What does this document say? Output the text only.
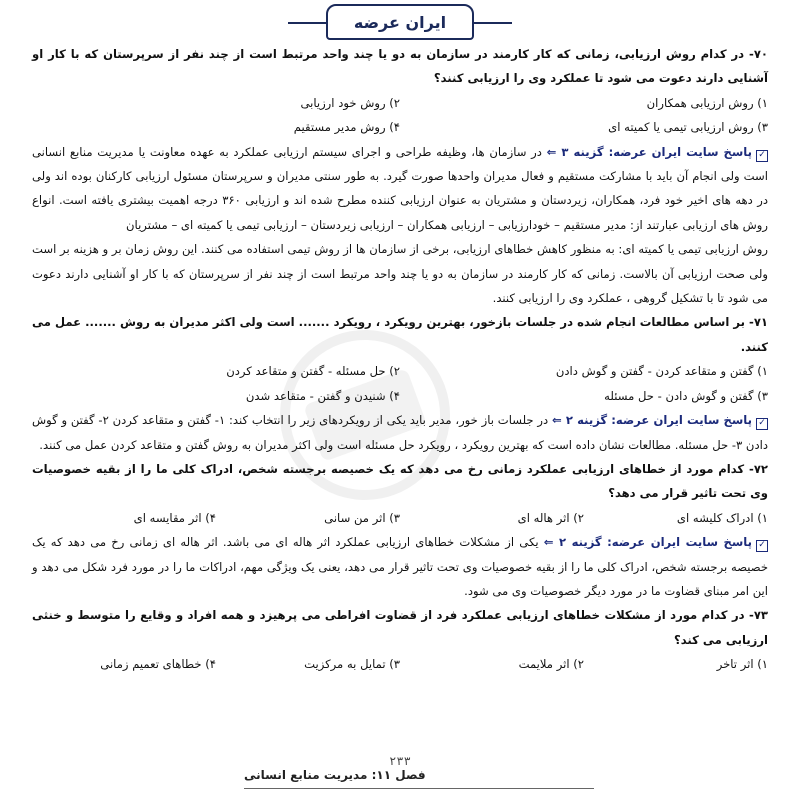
ایران عرضه
۷۰- در کدام روش ارزیابی، زمانی که کار کارمند در سازمان به دو یا چند واحد مرتبط است از چند نفر از سرپرستان که با کار او آشنایی دارند دعوت می شود تا عملکرد وی را ارزیابی کنند؟
۱) روش ارزیابی همکاران
۲) روش خود ارزیابی
۳) روش ارزیابی تیمی یا کمیته ای
۴) روش مدیر مستقیم
✓پاسخ سایت ایران عرضه: گزینه ۳ ⇐ در سازمان ها، وظیفه طراحی و اجرای سیستم ارزیابی عملکرد به عهده معاونت یا مدیریت منابع انسانی است ولی انجام آن باید با مشارکت مستقیم و فعال مدیران واحدها صورت گیرد. به طور سنتی مدیران و سرپرستان مسئول ارزیابی کارکنان بوده اند ولی در دهه های اخیر خود فرد، همکاران، زیردستان و مشتریان به عنوان ارزیابی کننده مطرح شده اند و ارزیابی ۳۶۰ درجه اهمیت بیشتری یافته است. انواع روش های ارزیابی عبارتند از: مدیر مستقیم – خودارزیابی – ارزیابی همکاران – ارزیابی زیردستان – ارزیابی تیمی یا کمیته ای – مشتریان
روش ارزیابی تیمی یا کمیته ای: به منظور کاهش خطاهای ارزیابی، برخی از سازمان ها از روش تیمی استفاده می کنند. این روش زمان بر و هزینه بر است ولی صحت ارزیابی آن بالاست. زمانی که کار کارمند در سازمان به دو یا چند واحد مرتبط است از چند نفر از سرپرستان که با کار او آشنایی دارند دعوت می شود تا با تشکیل گروهی ، عملکرد وی را ارزیابی کنند.
۷۱- بر اساس مطالعات انجام شده در جلسات بازخور، بهترین رویکرد ، رویکرد ....... است ولی اکثر مدیران به روش ....... عمل می کنند.
۱) گفتن و متقاعد کردن - گفتن و گوش دادن
۲) حل مسئله - گفتن و متقاعد کردن
۳) گفتن و گوش دادن - حل مسئله
۴) شنیدن و گفتن - متقاعد شدن
✓پاسخ سایت ایران عرضه: گزینه ۲ ⇐ در جلسات باز خور، مدیر باید یکی از رویکردهای زیر را انتخاب کند: ۱- گفتن و متقاعد کردن ۲- گفتن و گوش دادن ۳- حل مسئله. مطالعات نشان داده است که بهترین رویکرد ، رویکرد حل مسئله است ولی اکثر مدیران به روش گفتن و متقاعد کردن عمل می کنند.
۷۲- کدام مورد از خطاهای ارزیابی عملکرد زمانی رخ می دهد که یک خصیصه برجسته شخص، ادراک کلی ما را از بقیه خصوصیات وی تحت تاثیر قرار می دهد؟
۱) ادراک کلیشه ای
۲) اثر هاله ای
۳) اثر من سانی
۴) اثر مقایسه ای
✓پاسخ سایت ایران عرضه: گزینه ۲ ⇐ یکی از مشکلات خطاهای ارزیابی عملکرد اثر هاله ای می باشد. اثر هاله ای زمانی رخ می دهد که یک خصیصه برجسته شخص، ادراک کلی ما را از بقیه خصوصیات وی تحت تاثیر قرار می دهد، یعنی یک ویژگی مهم، ادراکات ما را در مورد فرد شکل می دهد و این امر مبنای قضاوت ما در مورد دیگر خصوصیات وی می شود.
۷۳- در کدام مورد از مشکلات خطاهای ارزیابی عملکرد فرد از قضاوت افراطی می پرهیزد و همه افراد و وقایع را متوسط و خنثی ارزیابی می کند؟
۱) اثر تاخر
۲) اثر ملایمت
۳) تمایل به مرکزیت
۴) خطاهای تعمیم زمانی
۲۳۳
فصل ۱۱: مدیریت منابع انسانی
